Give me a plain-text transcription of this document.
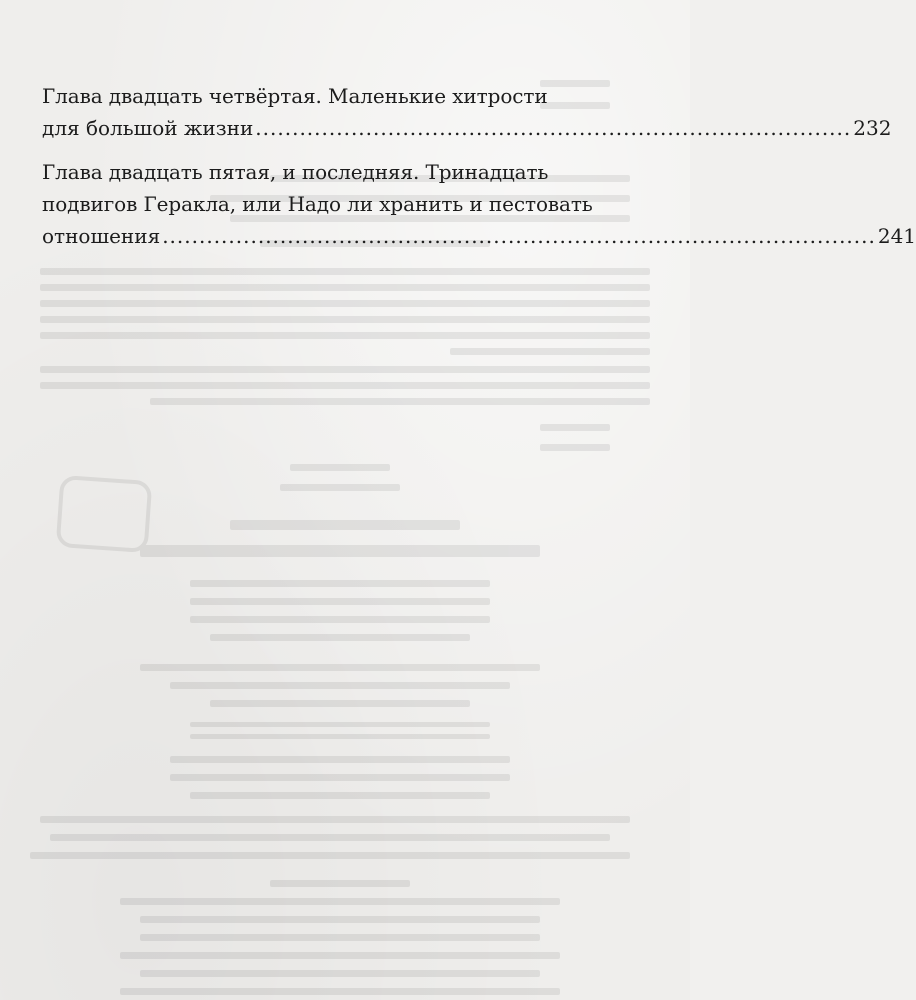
Глава двадцать четвёртая. Маленькие хитрости
для большой жизни ................................................................................. 232
Глава двадцать пятая, и последняя. Тринадцать
подвигов Геракла, или Надо ли хранить и пестовать
отношения ................................................................................................. 241
